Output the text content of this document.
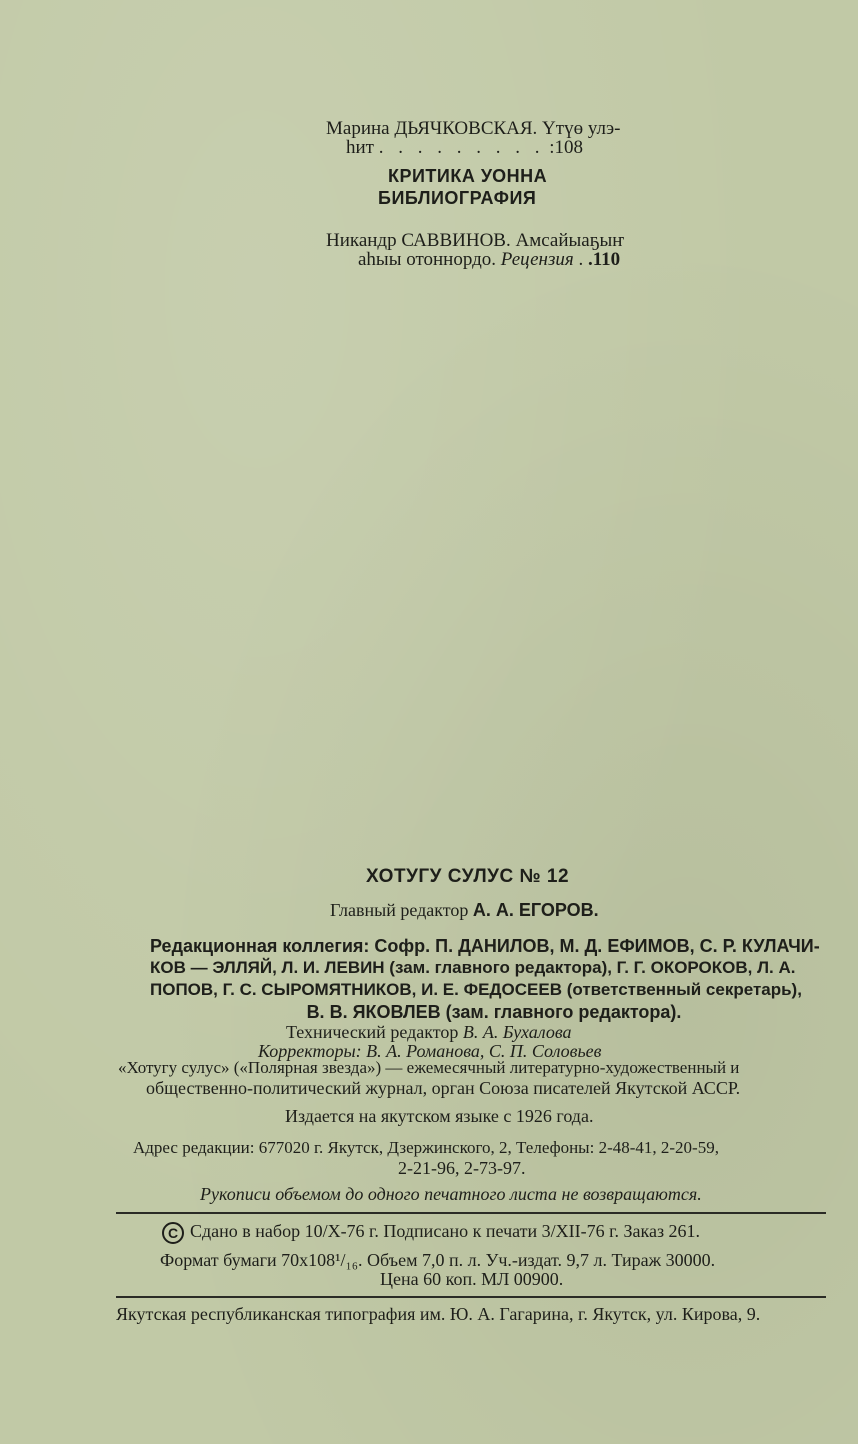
Марина ДЬЯЧКОВСКАЯ. Үтүө улэ-
һит . . . . . . . . . :108
КРИТИКА УОННА
БИБЛИОГРАФИЯ
Никандр САВВИНОВ. Амсайыаҕыҥ
аһыы отоннордо. Рецензия . .110
ХОТУГУ СУЛУС № 12
Главный редактор А. А. ЕГОРОВ.
Редакционная коллегия: Софр. П. ДАНИЛОВ, М. Д. ЕФИМОВ, С. Р. КУЛАЧИ-
КОВ — ЭЛЛЯЙ, Л. И. ЛЕВИН (зам. главного редактора), Г. Г. ОКОРОКОВ, Л. А.
ПОПОВ, Г. С. СЫРОМЯТНИКОВ, И. Е. ФЕДОСЕЕВ (ответственный секретарь),
В. В. ЯКОВЛЕВ (зам. главного редактора).
Технический редактор В. А. Бухалова
Корректоры: В. А. Романова, С. П. Соловьев
«Хотугу сулус» («Полярная звезда») — ежемесячный литературно-художественный и
общественно-политический журнал, орган Союза писателей Якутской АССР.
Издается на якутском языке с 1926 года.
Адрес редакции: 677020 г. Якутск, Дзержинского, 2, Телефоны: 2-48-41, 2-20-59,
2-21-96, 2-73-97.
Рукописи объемом до одного печатного листа не возвращаются.
C Сдано в набор 10/Х-76 г. Подписано к печати 3/ХII-76 г. Заказ 261.
Формат бумаги 70x108¹/₁₆. Объем 7,0 п. л. Уч.-издат. 9,7 л. Тираж 30000.
Цена 60 коп. МЛ 00900.
Якутская республиканская типография им. Ю. А. Гагарина, г. Якутск, ул. Кирова, 9.
